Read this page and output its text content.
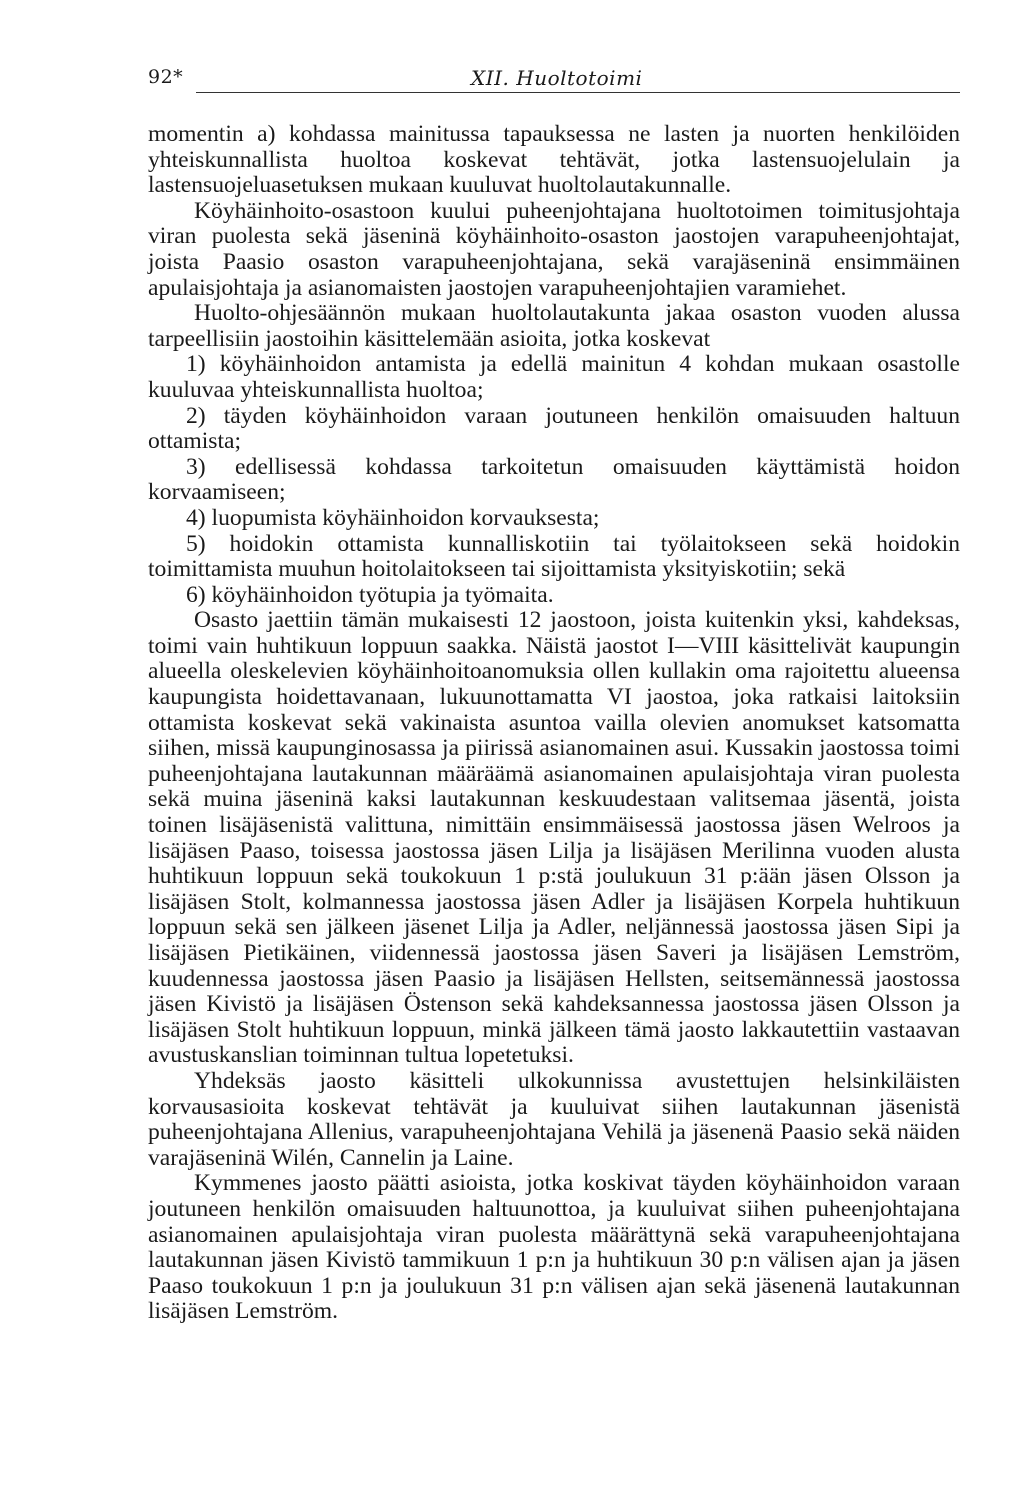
92*	XII. Huoltotoimi

momentin a) kohdassa mainitussa tapauksessa ne lasten ja nuorten henkilöiden yhteiskunnallista huoltoa koskevat tehtävät, jotka lastensuojelulain ja lastensuojeluasetuksen mukaan kuuluvat huoltolautakunnalle.

Köyhäinhoito-osastoon kuului puheenjohtajana huoltotoimen toimitusjohtaja viran puolesta sekä jäseninä köyhäinhoito-osaston jaostojen varapuheenjohtajat, joista Paasio osaston varapuheenjohtajana, sekä varajäseninä ensimmäinen apulaisjohtaja ja asianomaisten jaostojen varapuheenjohtajien varamiehet.

Huolto-ohjesäännön mukaan huoltolautakunta jakaa osaston vuoden alussa tarpeellisiin jaostoihin käsittelemään asioita, jotka koskevat

1) köyhäinhoidon antamista ja edellä mainitun 4 kohdan mukaan osastolle kuuluvaa yhteiskunnallista huoltoa;

2) täyden köyhäinhoidon varaan joutuneen henkilön omaisuuden haltuun ottamista;

3) edellisessä kohdassa tarkoitetun omaisuuden käyttämistä hoidon korvaamiseen;

4) luopumista köyhäinhoidon korvauksesta;

5) hoidokin ottamista kunnalliskotiin tai työlaitokseen sekä hoidokin toimittamista muuhun hoitolaitokseen tai sijoittamista yksityiskotiin; sekä

6) köyhäinhoidon työtupia ja työmaita.

Osasto jaettiin tämän mukaisesti 12 jaostoon, joista kuitenkin yksi, kahdeksas, toimi vain huhtikuun loppuun saakka. Näistä jaostot I—VIII käsittelivät kaupungin alueella oleskelevien köyhäinhoitoanomuksia ollen kullakin oma rajoitettu alueensa kaupungista hoidettavanaan, lukuunottamatta VI jaostoa, joka ratkaisi laitoksiin ottamista koskevat sekä vakinaista asuntoa vailla olevien anomukset katsomatta siihen, missä kaupunginosassa ja piirissä asianomainen asui. Kussakin jaostossa toimi puheenjohtajana lautakunnan määräämä asianomainen apulaisjohtaja viran puolesta sekä muina jäseninä kaksi lautakunnan keskuudestaan valitsemaa jäsentä, joista toinen lisäjäsenistä valittuna, nimittäin ensimmäisessä jaostossa jäsen Welroos ja lisäjäsen Paaso, toisessa jaostossa jäsen Lilja ja lisäjäsen Merilinna vuoden alusta huhtikuun loppuun sekä toukokuun 1 p:stä joulukuun 31 p:ään jäsen Olsson ja lisäjäsen Stolt, kolmannessa jaostossa jäsen Adler ja lisäjäsen Korpela huhtikuun loppuun sekä sen jälkeen jäsenet Lilja ja Adler, neljännessä jaostossa jäsen Sipi ja lisäjäsen Pietikäinen, viidennessä jaostossa jäsen Saveri ja lisäjäsen Lemström, kuudennessa jaostossa jäsen Paasio ja lisäjäsen Hellsten, seitsemännessä jaostossa jäsen Kivistö ja lisäjäsen Östenson sekä kahdeksannessa jaostossa jäsen Olsson ja lisäjäsen Stolt huhtikuun loppuun, minkä jälkeen tämä jaosto lakkautettiin vastaavan avustuskanslian toiminnan tultua lopetetuksi.

Yhdeksäs jaosto käsitteli ulkokunnissa avustettujen helsinkiläisten korvausasioita koskevat tehtävät ja kuuluivat siihen lautakunnan jäsenistä puheenjohtajana Allenius, varapuheenjohtajana Vehilä ja jäsenenä Paasio sekä näiden varajäseninä Wilén, Cannelin ja Laine.

Kymmenes jaosto päätti asioista, jotka koskivat täyden köyhäinhoidon varaan joutuneen henkilön omaisuuden haltuunottoa, ja kuuluivat siihen puheenjohtajana asianomainen apulaisjohtaja viran puolesta määrättynä sekä varapuheenjohtajana lautakunnan jäsen Kivistö tammikuun 1 p:n ja huhtikuun 30 p:n välisen ajan ja jäsen Paaso toukokuun 1 p:n ja joulukuun 31 p:n välisen ajan sekä jäsenenä lautakunnan lisäjäsen Lemström.
